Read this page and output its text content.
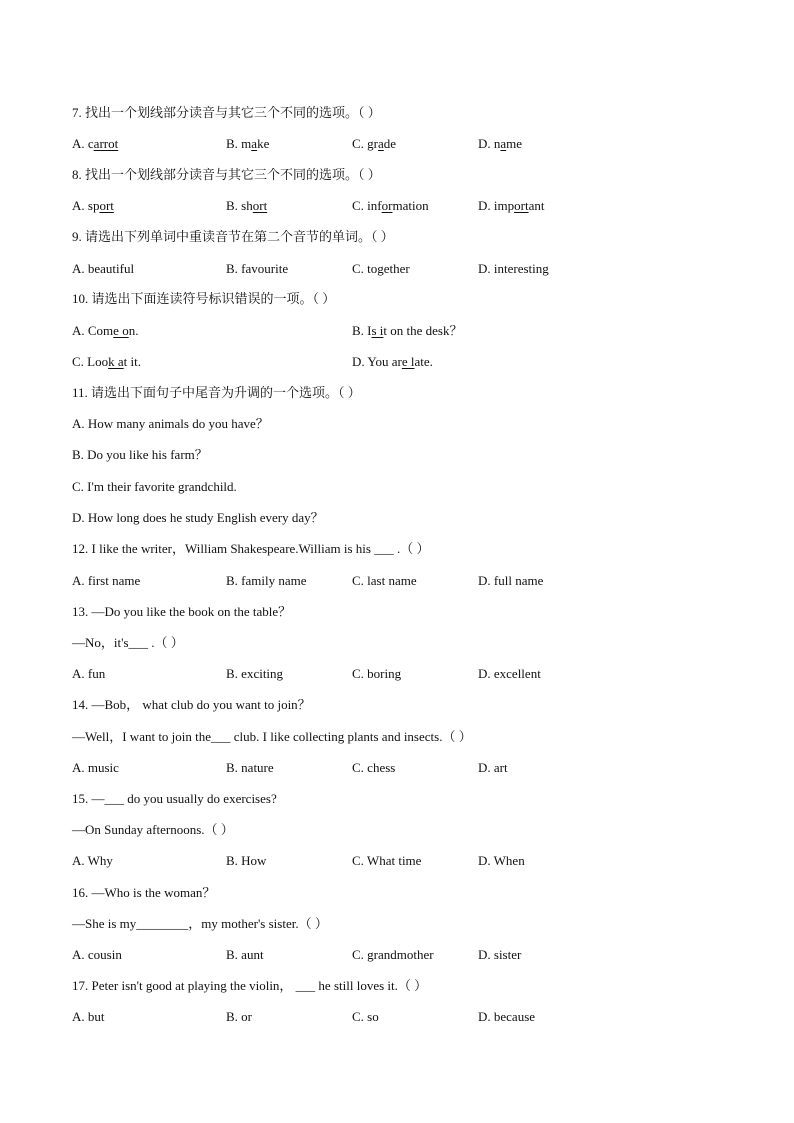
7. 找出一个划线部分读音与其它三个不同的选项。（ ）
A. carrot	B. make	C. grade	D. name
8. 找出一个划线部分读音与其它三个不同的选项。（ ）
A. sport	B. short	C. information	D. important
9. 请选出下列单词中重读音节在第二个音节的单词。（ ）
A. beautiful	B. favourite	C. together	D. interesting
10. 请选出下面连读符号标识错误的一项。（ ）
A. Come on.	B. Is it on the desk？
C. Look at it.	D. You are late.
11. 请选出下面句子中尾音为升调的一个选项。（ ）
A. How many animals do you have？
B. Do you like his farm？
C. I'm their favorite grandchild.
D. How long does he study English every day？
12. I like the writer，William Shakespeare.William is his ___ .（ ）
A. first name	B. family name	C. last name	D. full name
13. —Do you like the book on the table？
—No，it's___ .（ ）
A. fun	B. exciting	C. boring	D. excellent
14. —Bob， what club do you want to join？
—Well，I want to join the___ club. I like collecting plants and insects.（ ）
A. music	B. nature	C. chess	D. art
15. —___ do you usually do exercises?
—On Sunday afternoons.（ ）
A. Why	B. How	C. What time	D. When
16. —Who is the woman？
—She is my________，my mother's sister.（ ）
A. cousin	B. aunt	C. grandmother	D. sister
17. Peter isn't good at playing the violin， ___ he still loves it.（ ）
A. but	B. or	C. so	D. because
